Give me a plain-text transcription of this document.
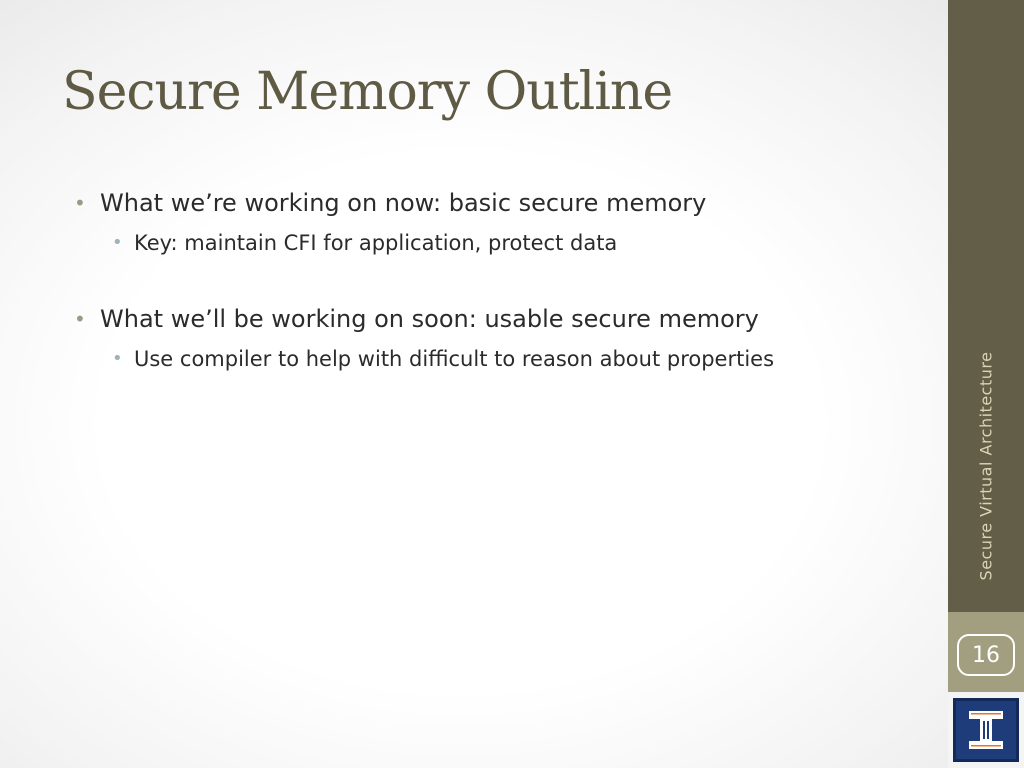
Secure Memory Outline
• What we’re working on now: basic secure memory
• Key: maintain CFI for application, protect data
• What we’ll be working on soon: usable secure memory
• Use compiler to help with difficult to reason about properties	Secure Virtual Architecture
16
